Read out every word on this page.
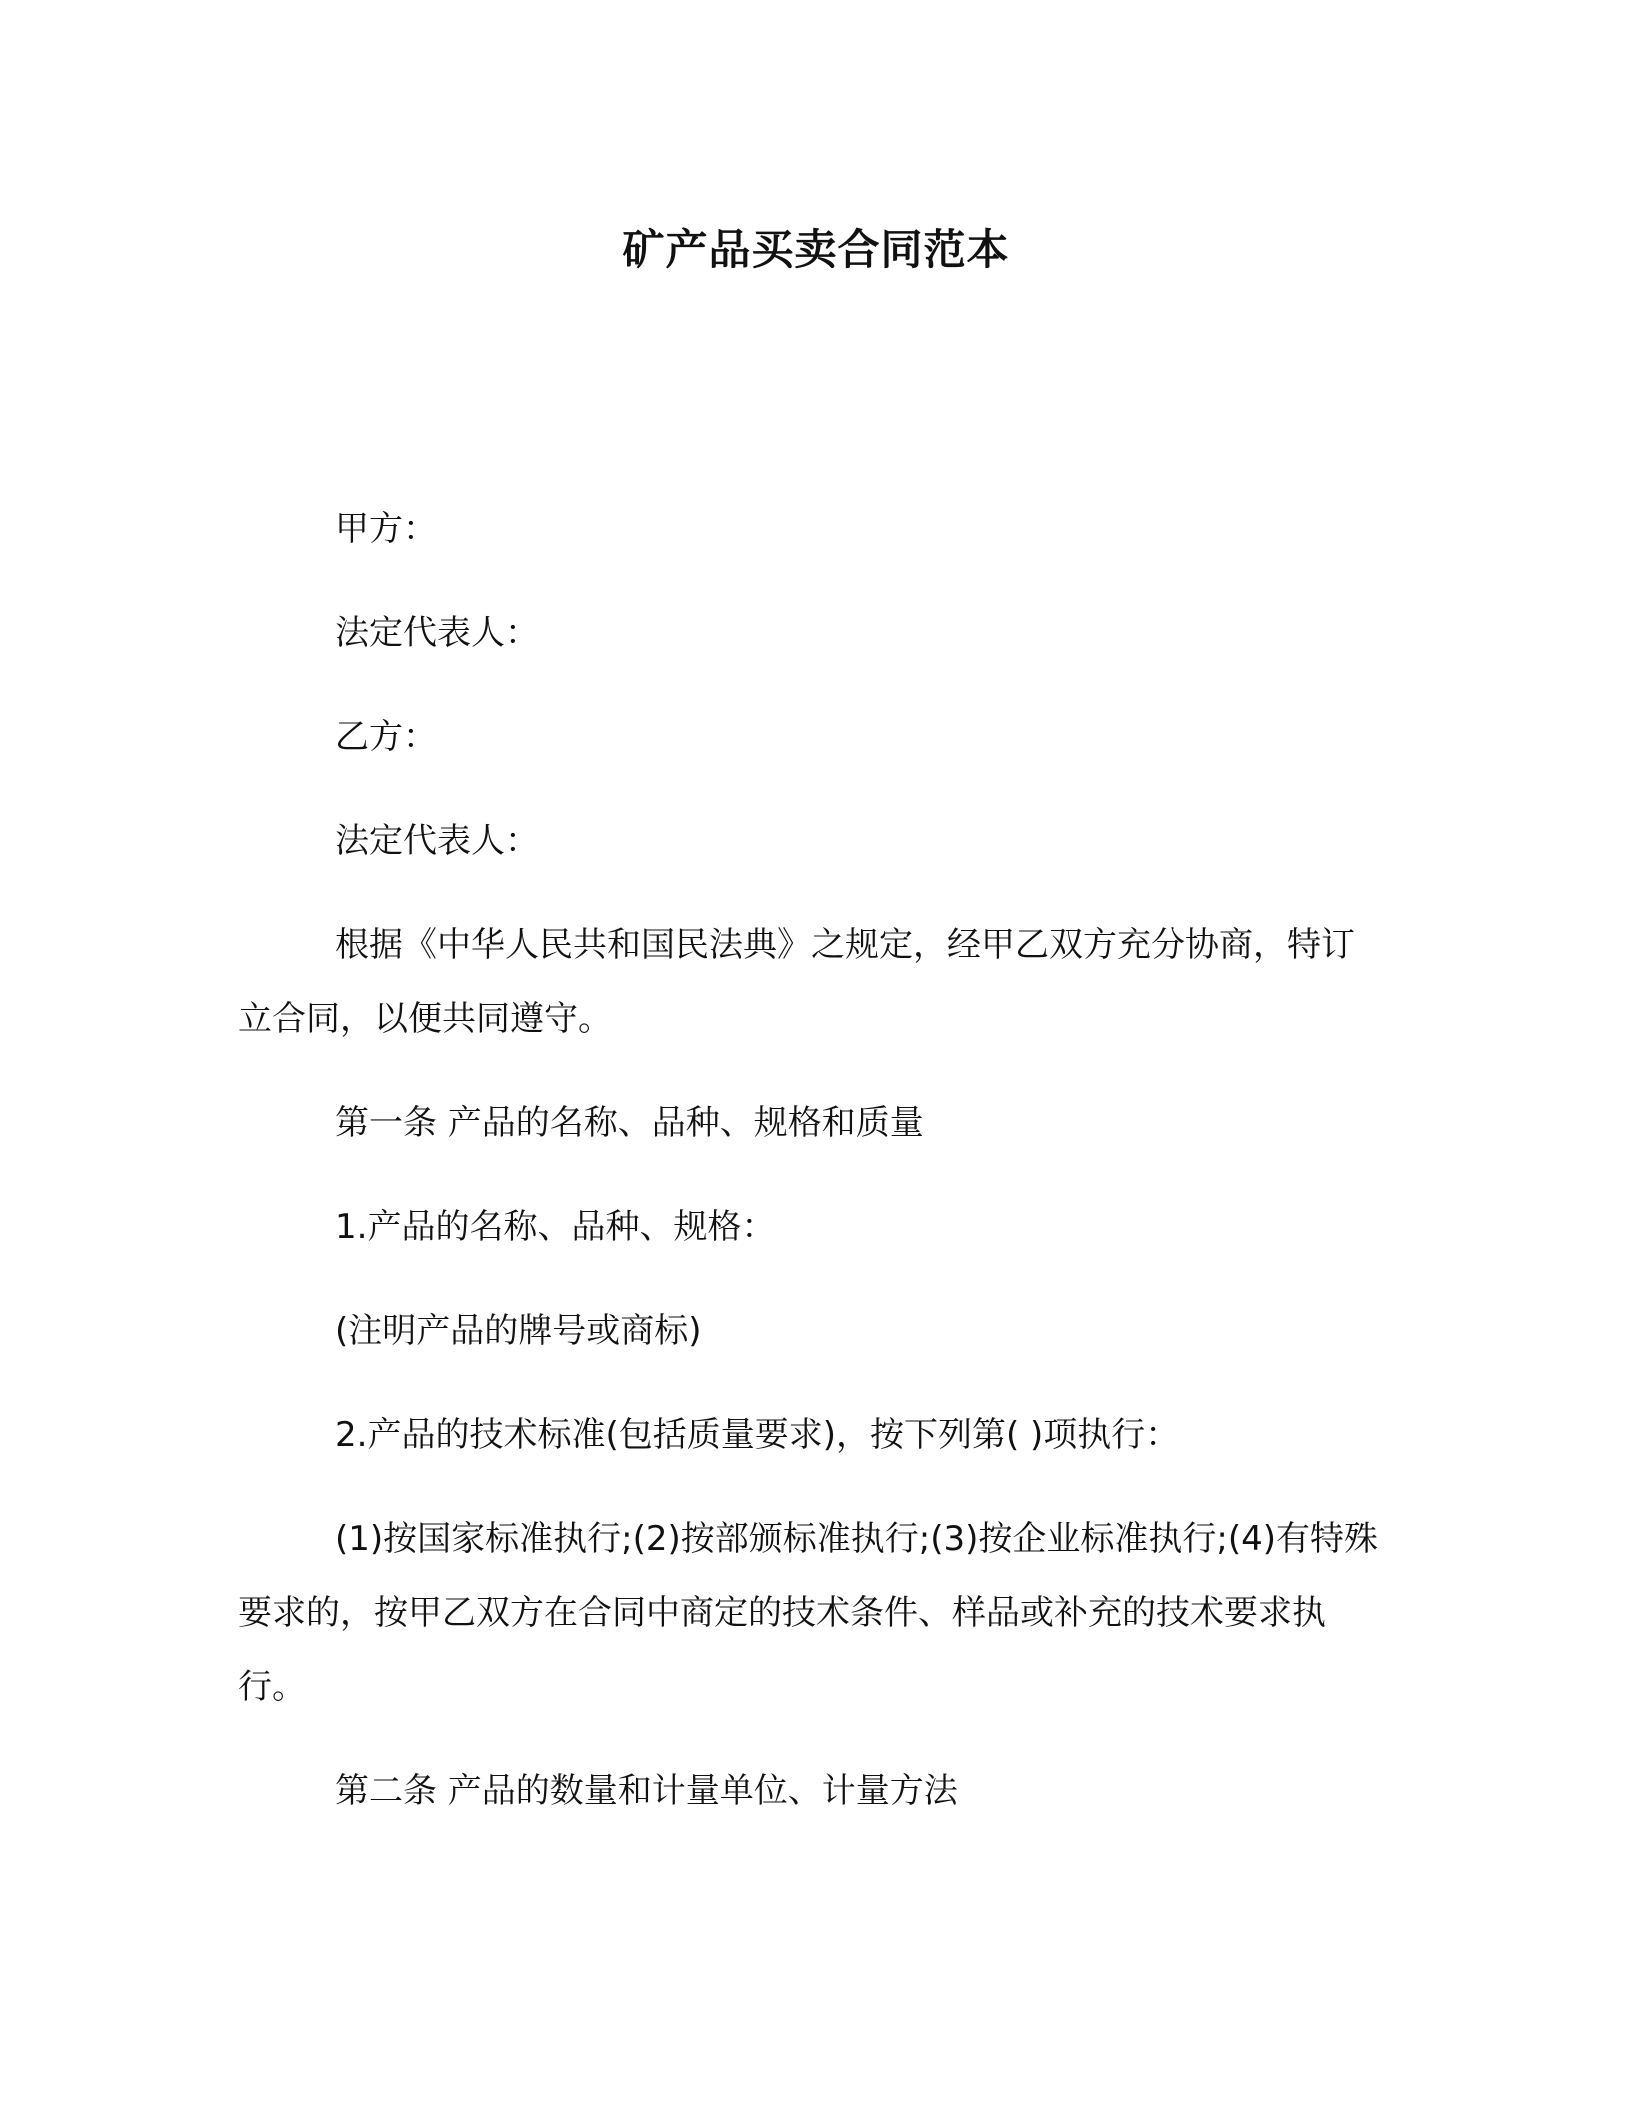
矿产品买卖合同范本

甲方：

法定代表人：

乙方：

法定代表人：

根据《中华人民共和国民法典》之规定，经甲乙双方充分协商，特订立合同，以便共同遵守。

第一条 产品的名称、品种、规格和质量

1.产品的名称、品种、规格：

(注明产品的牌号或商标)

2.产品的技术标准(包括质量要求)，按下列第( )项执行：

(1)按国家标准执行;(2)按部颁标准执行;(3)按企业标准执行;(4)有特殊要求的，按甲乙双方在合同中商定的技术条件、样品或补充的技术要求执行。

第二条 产品的数量和计量单位、计量方法
